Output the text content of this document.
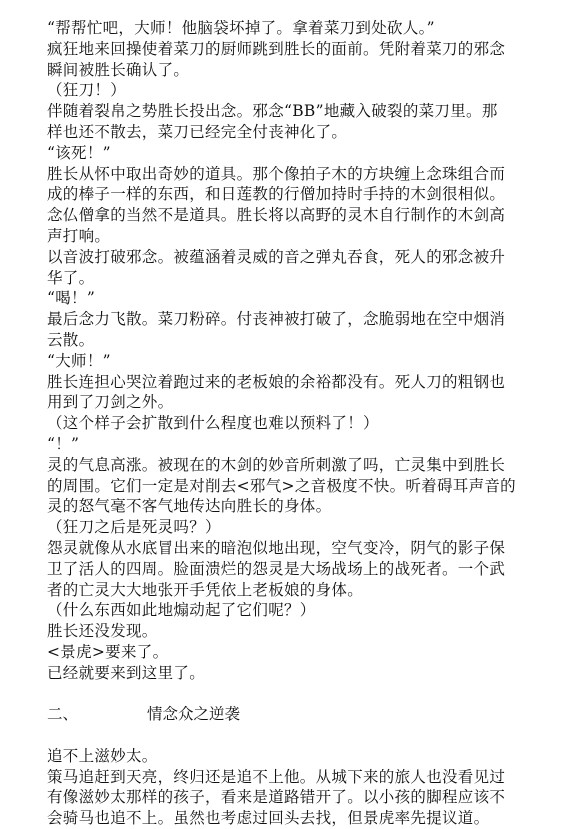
“帮帮忙吧，大师！他脑袋坏掉了。拿着菜刀到处砍人。”
疯狂地来回操使着菜刀的厨师跳到胜长的面前。凭附着菜刀的邪念
瞬间被胜长确认了。
（狂刀！）
伴随着裂帛之势胜长投出念。邪念“BB”地藏入破裂的菜刀里。那
样也还不散去，菜刀已经完全付丧神化了。
“该死！”
胜长从怀中取出奇妙的道具。那个像拍子木的方块缠上念珠组合而
成的棒子一样的东西，和日莲教的行僧加持时手持的木剑很相似。
念仏僧拿的当然不是道具。胜长将以高野的灵木自行制作的木剑高
声打响。
以音波打破邪念。被蕴涵着灵威的音之弹丸吞食，死人的邪念被升
华了。
“喝！”
最后念力飞散。菜刀粉碎。付丧神被打破了，念脆弱地在空中烟消
云散。
“大师！”
胜长连担心哭泣着跑过来的老板娘的余裕都没有。死人刀的粗钢也
用到了刀剑之外。
（这个样子会扩散到什么程度也难以预料了！）
“！”
灵的气息高涨。被现在的木剑的妙音所刺激了吗，亡灵集中到胜长
的周围。它们一定是对削去<邪气>之音极度不快。听着碍耳声音的
灵的怒气毫不客气地传达向胜长的身体。
（狂刀之后是死灵吗？）
怨灵就像从水底冒出来的暗泡似地出现，空气变冷，阴气的影子保
卫了活人的四周。脸面溃烂的怨灵是大场战场上的战死者。一个武
者的亡灵大大地张开手凭依上老板娘的身体。
（什么东西如此地煽动起了它们呢？）
胜长还没发现。
<景虎>要来了。
已经就要来到这里了。
二、	情念众之逆袭
追不上滋妙太。
策马追赶到天亮，终归还是追不上他。从城下来的旅人也没看见过
有像滋妙太那样的孩子，看来是道路错开了。以小孩的脚程应该不
会骑马也追不上。虽然也考虑过回头去找，但景虎率先提议道。
